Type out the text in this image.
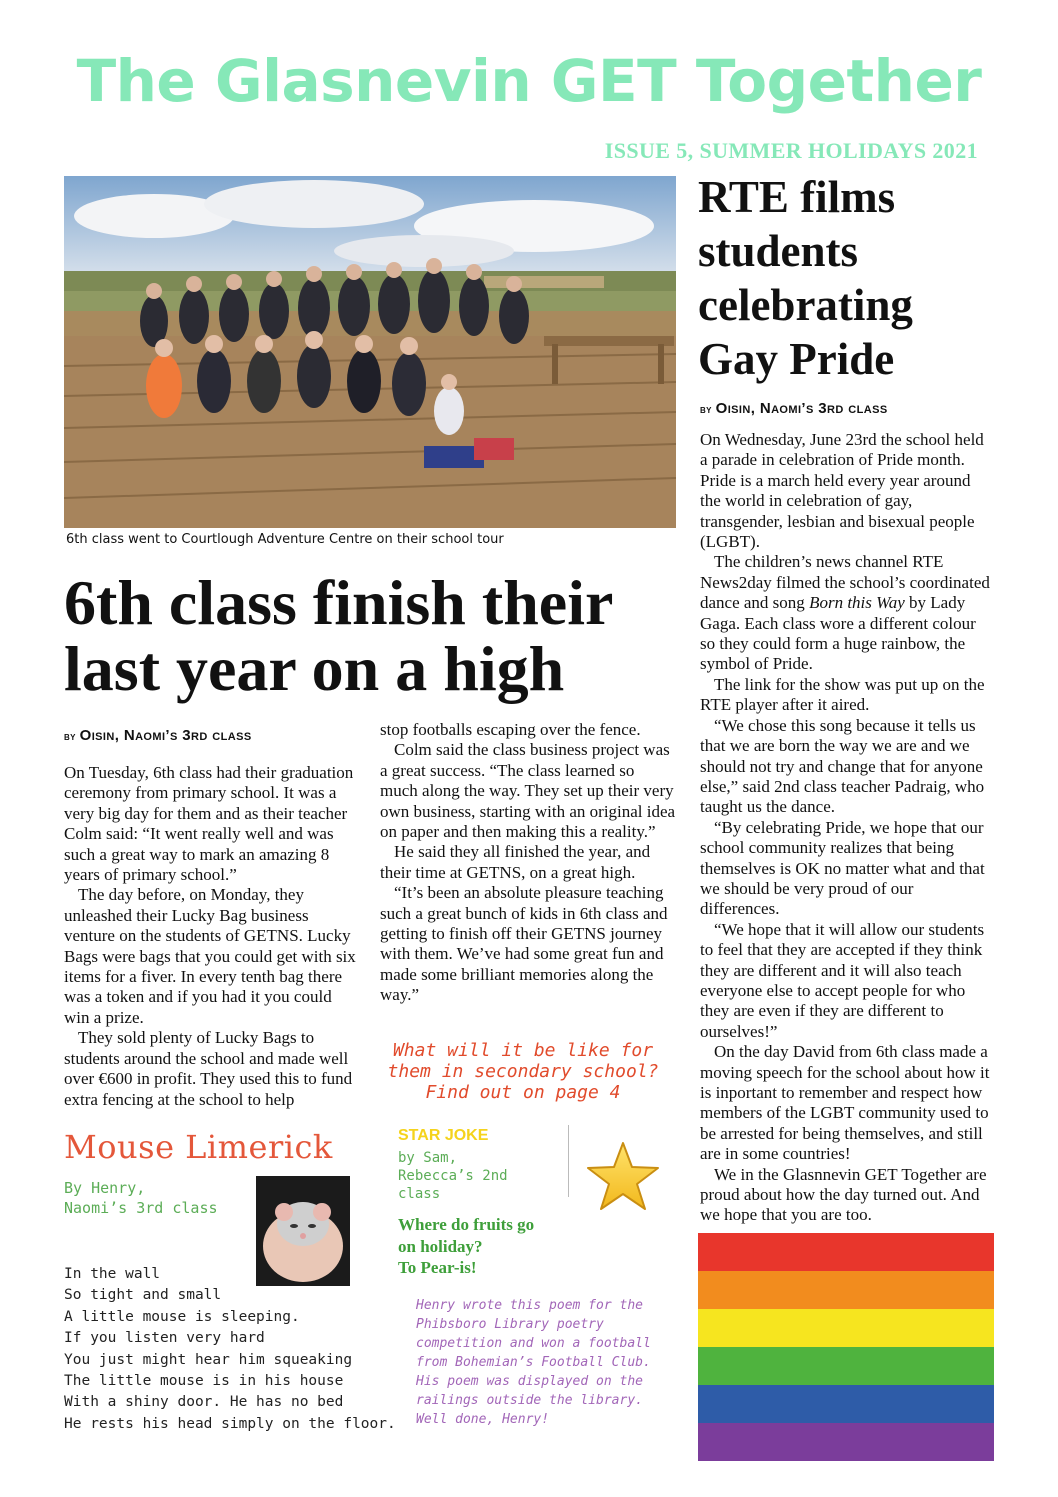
The Glasnevin GET Together
ISSUE 5, SUMMER HOLIDAYS 2021
6th class went to Courtlough Adventure Centre on their school tour
6th class finish their last year on a high
by Oisin, Naomi’s 3rd class

On Tuesday, 6th class had their graduation ceremony from primary school. It was a very big day for them and as their teacher Colm said: “It went really well and was such a great way to mark an amazing 8 years of primary school.”

The day before, on Monday, they unleashed their Lucky Bag business venture on the students of GETNS. Lucky Bags were bags that you could get with six items for a fiver. In every tenth bag there was a token and if you had it you could win a prize.

They sold plenty of Lucky Bags to students around the school and made well over €600 in profit. They used this to fund extra fencing at the school to help

stop footballs escaping over the fence.

Colm said the class business project was a great success. “The class learned so much along the way. They set up their very own business, starting with an original idea on paper and then making this a reality.”

He said they all finished the year, and their time at GETNS, on a great high.

“It’s been an absolute pleasure teaching such a great bunch of kids in 6th class and getting to finish off their GETNS journey with them. We’ve had some great fun and made some brilliant memories along the way.”

What will it be like for them in secondary school? Find out on page 4
RTE films students celebrating Gay Pride
by Oisin, Naomi’s 3rd class

On Wednesday, June 23rd the school held a parade in celebration of Pride month. Pride is a march held every year around the world in celebration of gay, transgender, lesbian and bisexual people (LGBT).

The children’s news channel RTE News2day filmed the school’s coordinated dance and song Born this Way by Lady Gaga. Each class wore a different colour so they could form a huge rainbow, the symbol of Pride.

The link for the show was put up on the RTE player after it aired.

“We chose this song because it tells us that we are born the way we are and we should not try and change that for anyone else,” said 2nd class teacher Padraig, who taught us the dance.

“By celebrating Pride, we hope that our school community realizes that being themselves is OK no matter what and that we should be very proud of our differences.

“We hope that it will allow our students to feel that they are accepted if they think they are different and it will also teach everyone else to accept people for who they are even if they are different to ourselves!”

On the day David from 6th class made a moving speech for the school about how it is inportant to remember and respect how members of the LGBT community used to be arrested for being themselves, and still are in some countries!

We in the Glasnnevin GET Together are proud about how the day turned out. And we hope that you are too.

Mouse Limerick
By Henry,
Naomi’s 3rd class
In the wall
So tight and small
A little mouse is sleeping.
If you listen very hard
You just might hear him squeaking
The little mouse is in his house
With a shiny door. He has no bed
He rests his head simply on the floor.
STAR JOKE
by Sam,
Rebecca’s 2nd
class
Where do fruits go on holiday?
To Pear-is!
Henry wrote this poem for the Phibsboro Library poetry competition and won a football from Bohemian’s Football Club. His poem was displayed on the railings outside the library. Well done, Henry!
